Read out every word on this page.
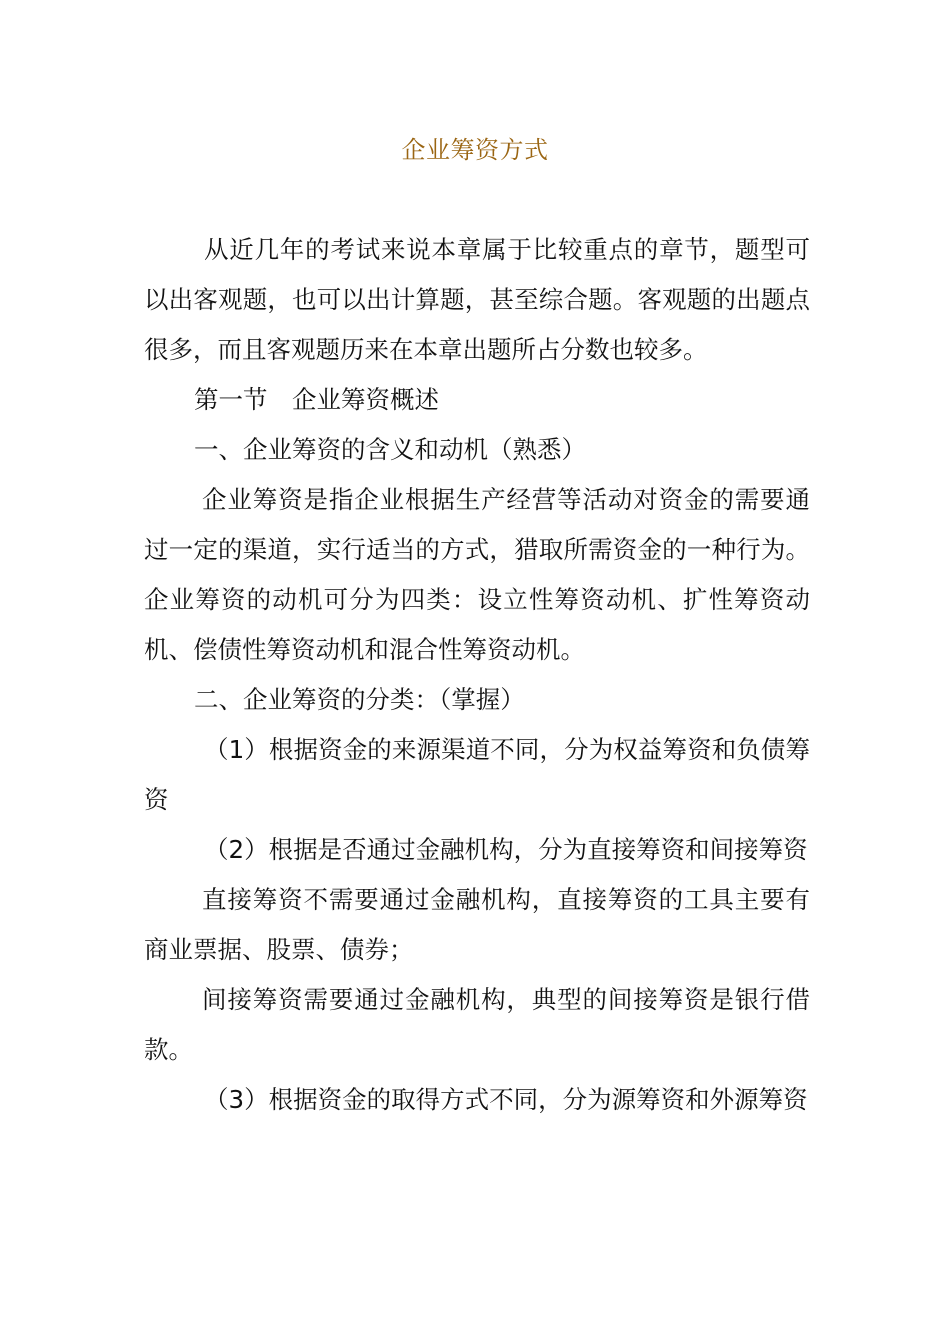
企业筹资方式

从近几年的考试来说本章属于比较重点的章节，题型可以出客观题，也可以出计算题，甚至综合题。客观题的出题点很多，而且客观题历来在本章出题所占分数也较多。

第一节　企业筹资概述

一、企业筹资的含义和动机（熟悉）

企业筹资是指企业根据生产经营等活动对资金的需要通过一定的渠道，实行适当的方式，猎取所需资金的一种行为。企业筹资的动机可分为四类：设立性筹资动机、扩性筹资动机、偿债性筹资动机和混合性筹资动机。

二、企业筹资的分类：（掌握）

（1）根据资金的来源渠道不同，分为权益筹资和负债筹资

（2）根据是否通过金融机构，分为直接筹资和间接筹资

直接筹资不需要通过金融机构，直接筹资的工具主要有商业票据、股票、债券；

间接筹资需要通过金融机构，典型的间接筹资是银行借款。

（3）根据资金的取得方式不同，分为源筹资和外源筹资
